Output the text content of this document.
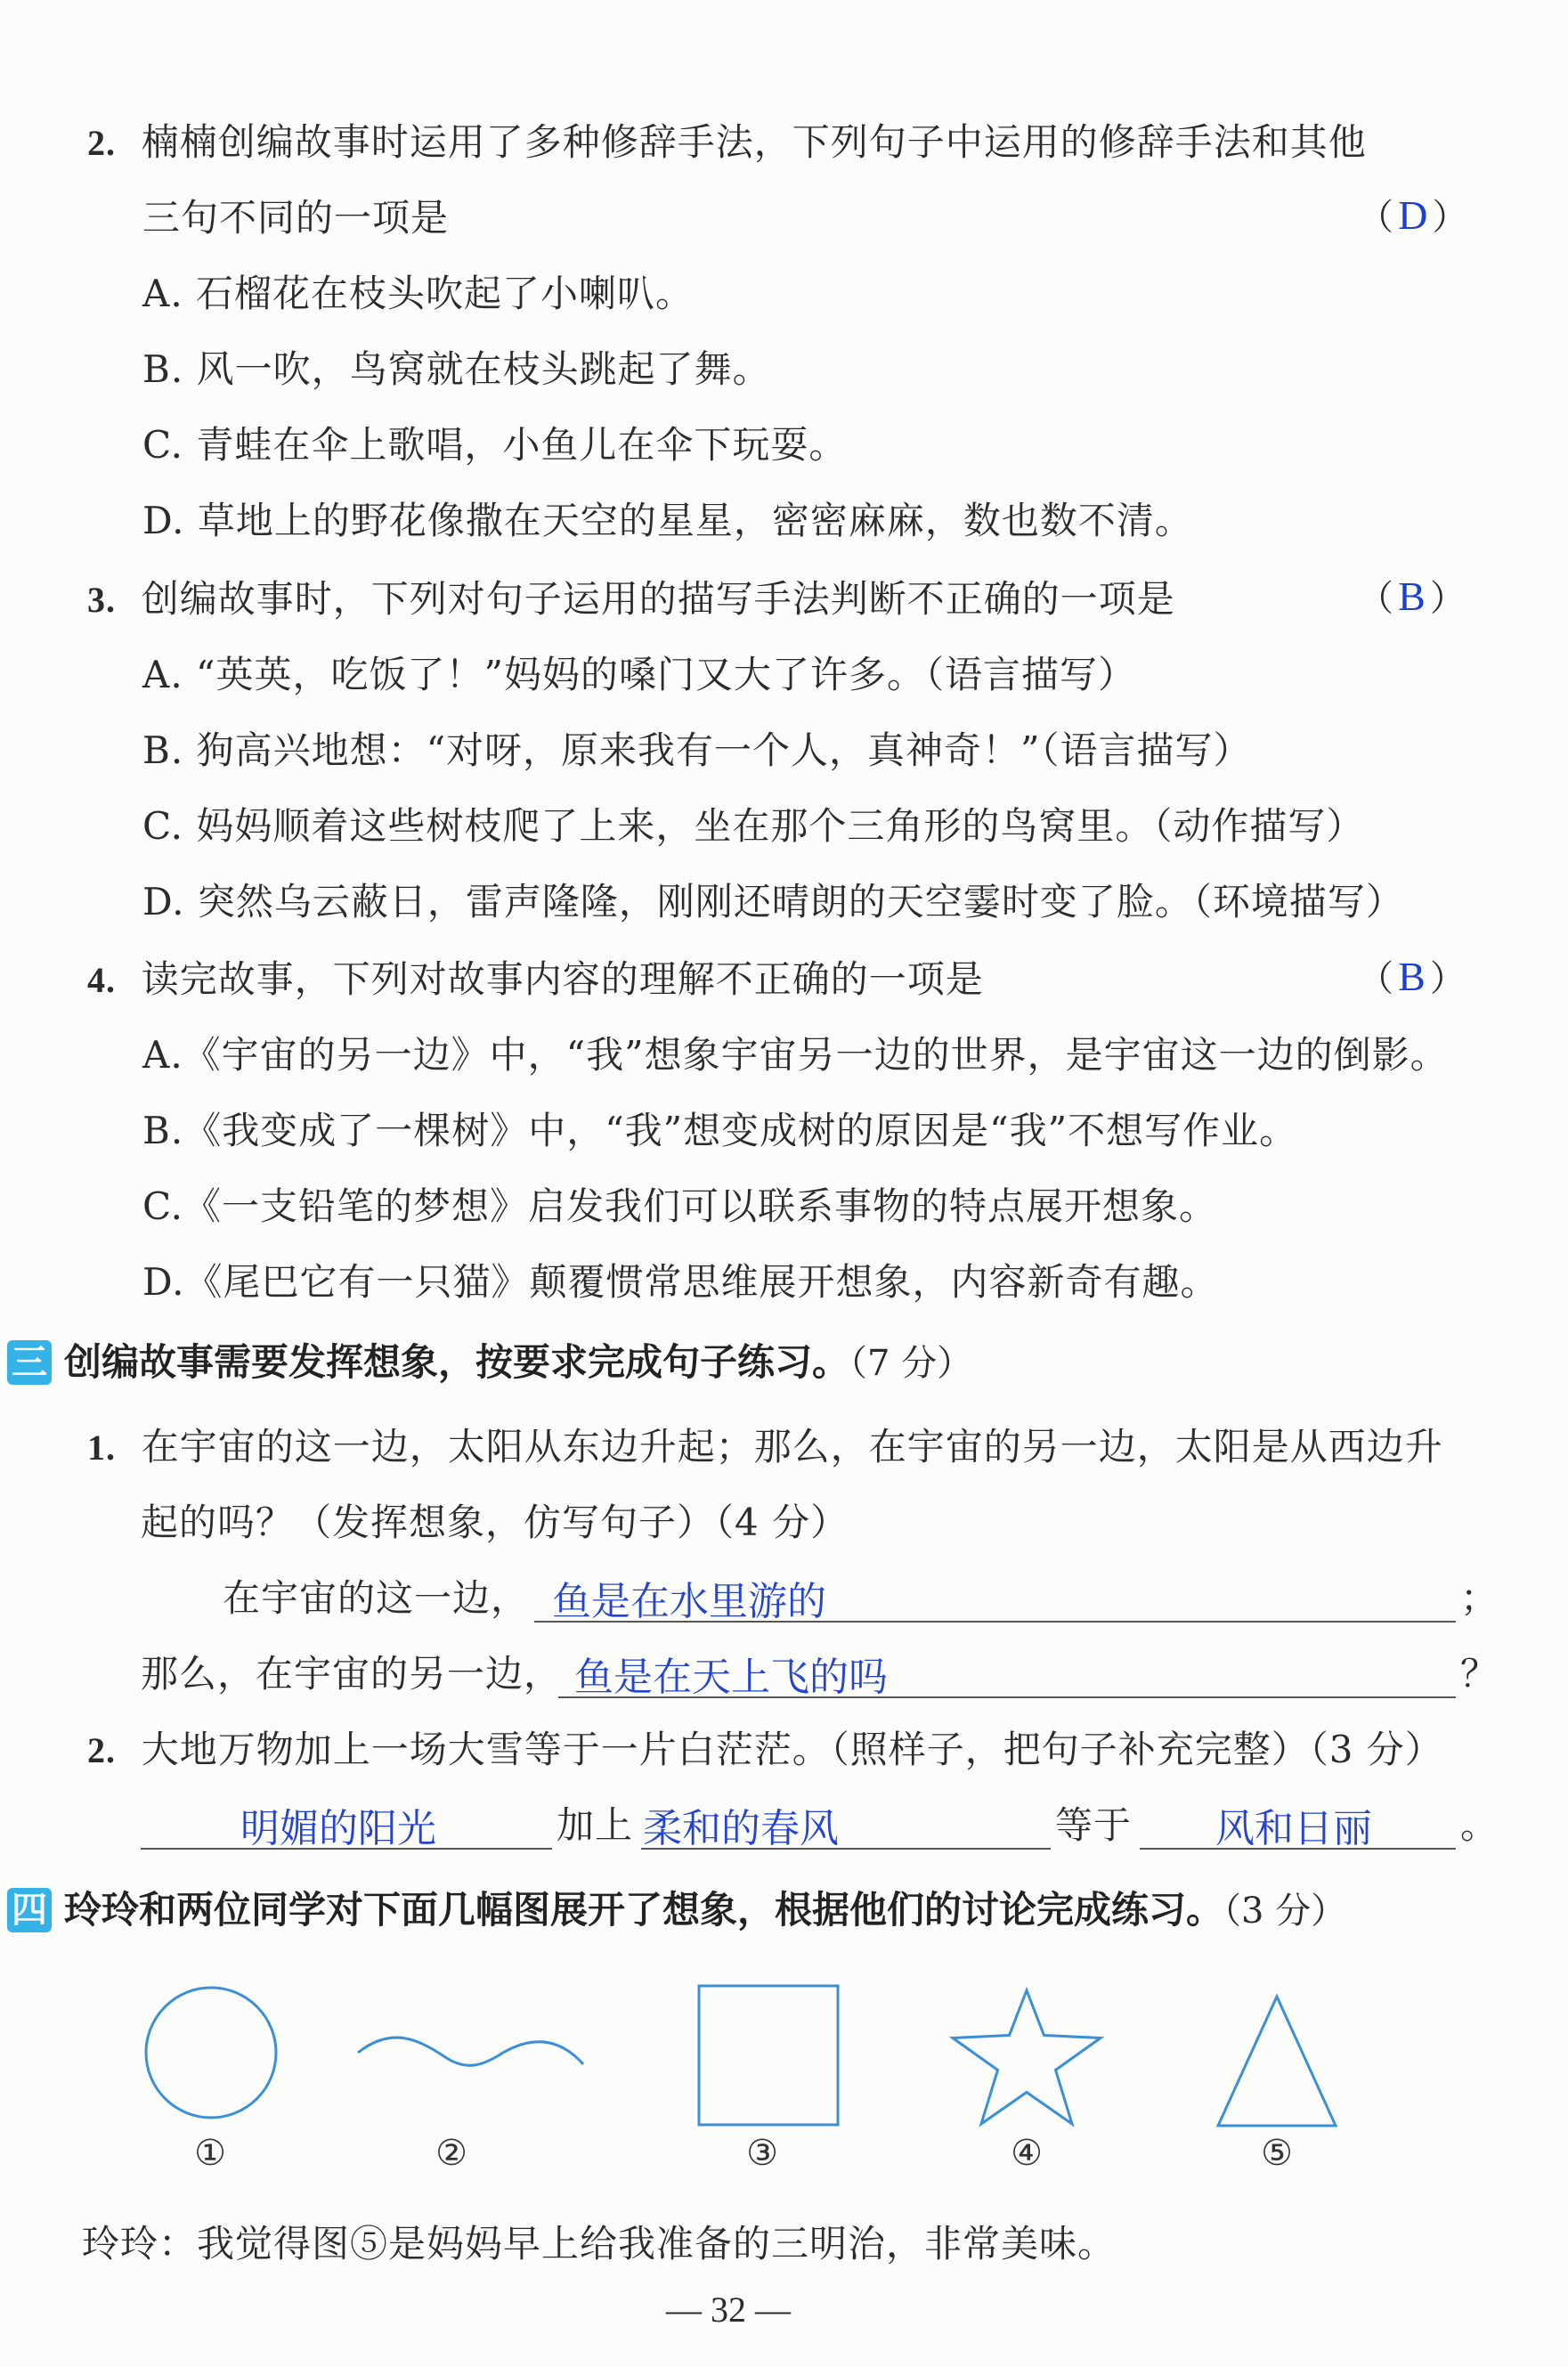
2. 楠楠创编故事时运用了多种修辞手法，下列句子中运用的修辞手法和其他
三句不同的一项是	（ D ）
A. 石榴花在枝头吹起了小喇叭。
B. 风一吹，鸟窝就在枝头跳起了舞。
C. 青蛙在伞上歌唱，小鱼儿在伞下玩耍。
D. 草地上的野花像撒在天空的星星，密密麻麻，数也数不清。
3. 创编故事时，下列对句子运用的描写手法判断不正确的一项是	（ B ）
A. “英英，吃饭了！”妈妈的嗓门又大了许多。（语言描写）
B. 狗高兴地想：“对呀，原来我有一个人，真神奇！”（语言描写）
C. 妈妈顺着这些树枝爬了上来，坐在那个三角形的鸟窝里。（动作描写）
D. 突然乌云蔽日，雷声隆隆，刚刚还晴朗的天空霎时变了脸。（环境描写）
4. 读完故事，下列对故事内容的理解不正确的一项是	（ B ）
A.《宇宙的另一边》中，“我”想象宇宙另一边的世界，是宇宙这一边的倒影。
B.《我变成了一棵树》中，“我”想变成树的原因是“我”不想写作业。
C.《一支铅笔的梦想》启发我们可以联系事物的特点展开想象。
D.《尾巴它有一只猫》颠覆惯常思维展开想象，内容新奇有趣。
三 创编故事需要发挥想象，按要求完成句子练习。（7 分）
1. 在宇宙的这一边，太阳从东边升起；那么，在宇宙的另一边，太阳是从西边升
起的吗？（发挥想象，仿写句子）（4 分）
在宇宙的这一边， 鱼是在水里游的	；
那么，在宇宙的另一边， 鱼是在天上飞的吗	？
2. 大地万物加上一场大雪等于一片白茫茫。（照样子，把句子补充完整）（3 分）
明媚的阳光	加上 柔和的春风	等于 风和日丽 。
四 玲玲和两位同学对下面几幅图展开了想象，根据他们的讨论完成练习。（3 分）
①	②	③	④	⑤
玲玲：我觉得图⑤是妈妈早上给我准备的三明治，非常美味。
— 32 —
